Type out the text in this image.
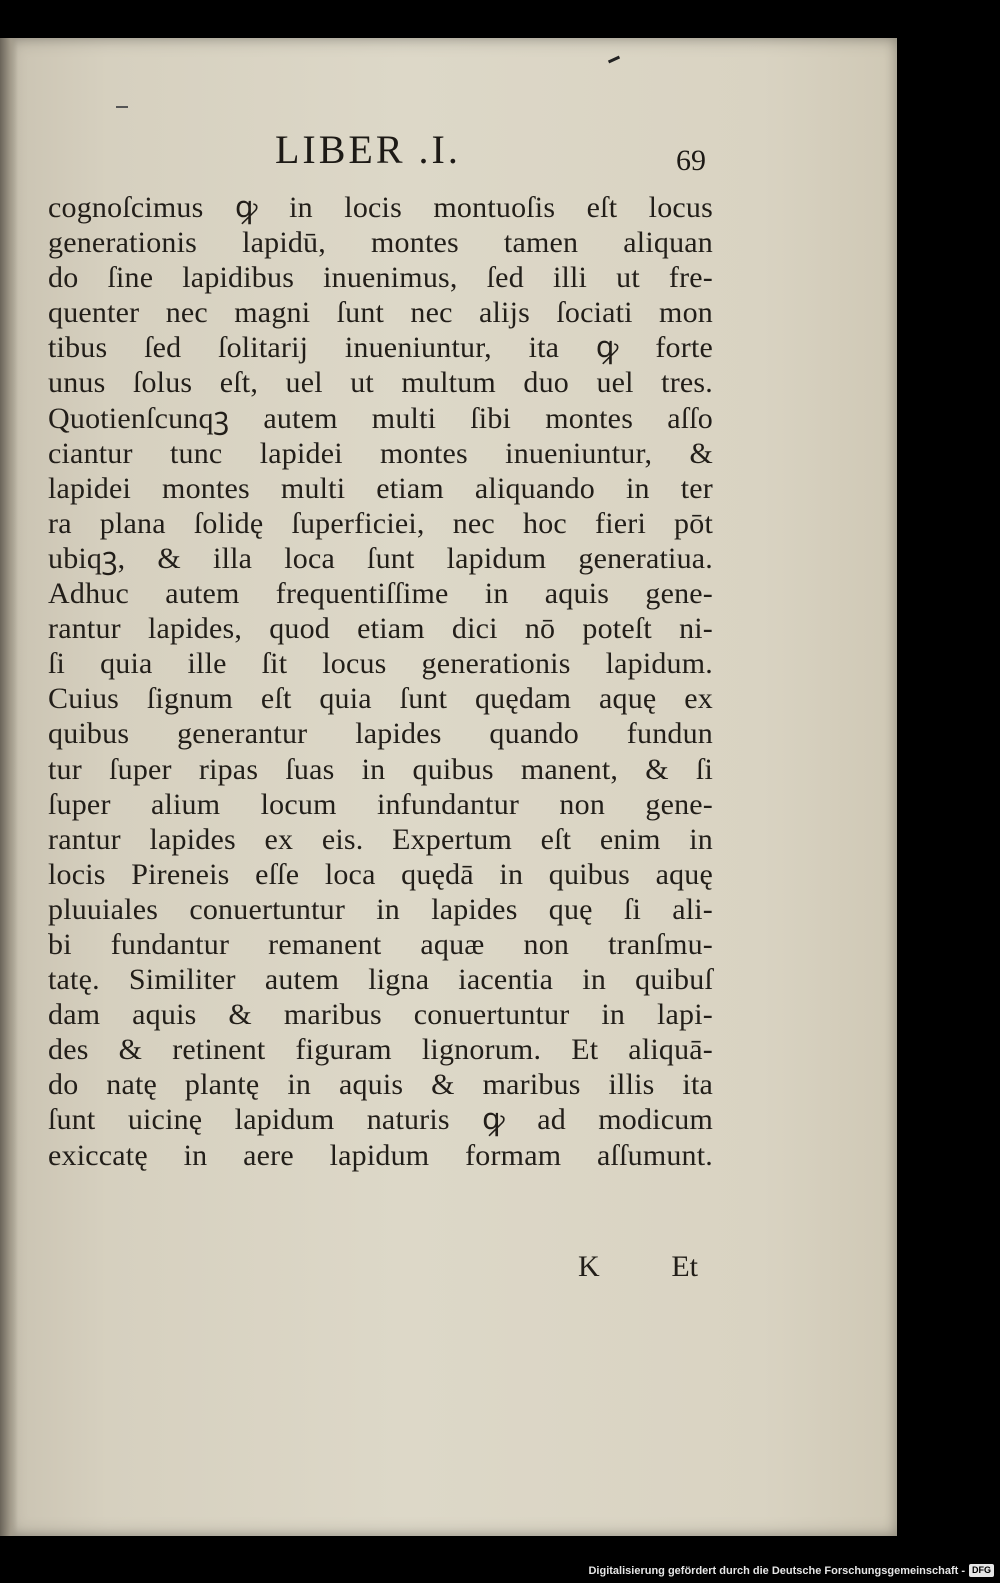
LIBER .I.	69
cognoſcimus ꝙ in locis montuoſis eſt locus
generationis lapidū, montes tamen aliquan
do ſine lapidibus inuenimus, ſed illi ut fre-
quenter nec magni ſunt nec alijs ſociati mon
tibus ſed ſolitarij inueniuntur, ita ꝙ forte
unus ſolus eſt, uel ut multum duo uel tres.
Quotienſcunqꝫ autem multi ſibi montes aſſo
ciantur tunc lapidei montes inueniuntur, &
lapidei montes multi etiam aliquando in ter
ra plana ſolidę ſuperficiei, nec hoc fieri pōt
ubiqꝫ, & illa loca ſunt lapidum generatiua.
Adhuc autem frequentiſſime in aquis gene-
rantur lapides, quod etiam dici nō poteſt ni-
ſi quia ille ſit locus generationis lapidum.
Cuius ſignum eſt quia ſunt quędam aquę ex
quibus generantur lapides quando fundun
tur ſuper ripas ſuas in quibus manent, & ſi
ſuper alium locum infundantur non gene-
rantur lapides ex eis. Expertum eſt enim in
locis Pireneis eſſe loca quędā in quibus aquę
pluuiales conuertuntur in lapides quę ſi ali-
bi fundantur remanent aquæ non tranſmu-
tatę. Similiter autem ligna iacentia in quibuſ
dam aquis & maribus conuertuntur in lapi-
des & retinent figuram lignorum. Et aliquā-
do natę plantę in aquis & maribus illis ita
ſunt uicinę lapidum naturis ꝙ ad modicum
exiccatę in aere lapidum formam aſſumunt.
K Et
Digitalisierung gefördert durch die Deutsche Forschungsgemeinschaft - DFG
